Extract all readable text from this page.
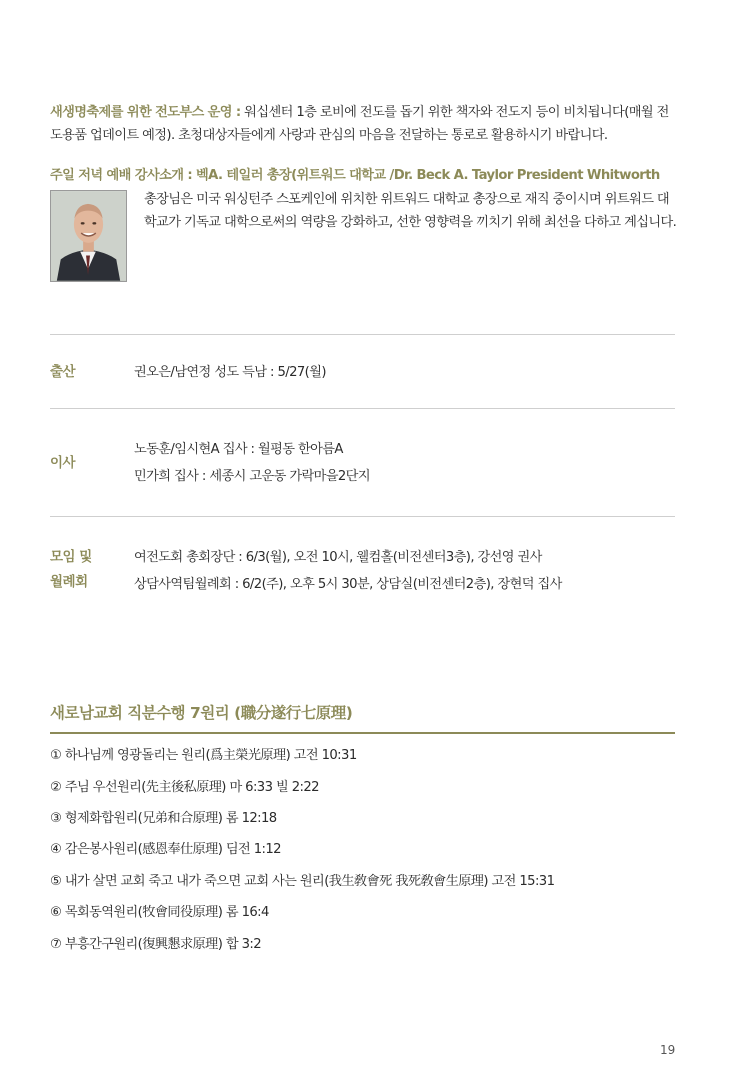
새생명축제를 위한 전도부스 운영 : 워십센터 1층 로비에 전도를 돕기 위한 책자와 전도지 등이 비치됩니다(매월 전도용품 업데이트 예정). 초청대상자들에게 사랑과 관심의 마음을 전달하는 통로로 활용하시기 바랍니다.
주일 저녁 예배 강사소개 : 벡A. 테일러 총장(위트워드 대학교 /Dr. Beck A. Taylor President Whitworth
총장님은 미국 워싱턴주 스포케인에 위치한 위트워드 대학교 총장으로 재직 중이시며 위트워드 대학교가 기독교 대학으로써의 역량을 강화하고, 선한 영향력을 끼치기 위해 최선을 다하고 계십니다.
출산	권오은/남연정 성도 득남 : 5/27(월)
이사
노동훈/임시현A 집사 : 월평동 한아름A
민가희 집사 : 세종시 고운동 가락마을2단지
모임 및
월례회
여전도회 총회장단 : 6/3(월), 오전 10시, 웰컴홀(비전센터3층), 강선영 권사
상담사역팀월례회 : 6/2(주), 오후 5시 30분, 상담실(비전센터2층), 장현덕 집사
새로남교회 직분수행 7원리 (職分遂行七原理)
① 하나님께 영광돌리는 원리(爲主榮光原理) 고전 10:31
② 주님 우선원리(先主後私原理) 마 6:33 빌 2:22
③ 형제화합원리(兄弟和合原理) 롬 12:18
④ 감은봉사원리(感恩奉仕原理) 딤전 1:12
⑤ 내가 살면 교회 죽고 내가 죽으면 교회 사는 원리(我生敎會死 我死敎會生原理) 고전 15:31
⑥ 목회동역원리(牧會同役原理) 롬 16:4
⑦ 부흥간구원리(復興懇求原理) 합 3:2
19
